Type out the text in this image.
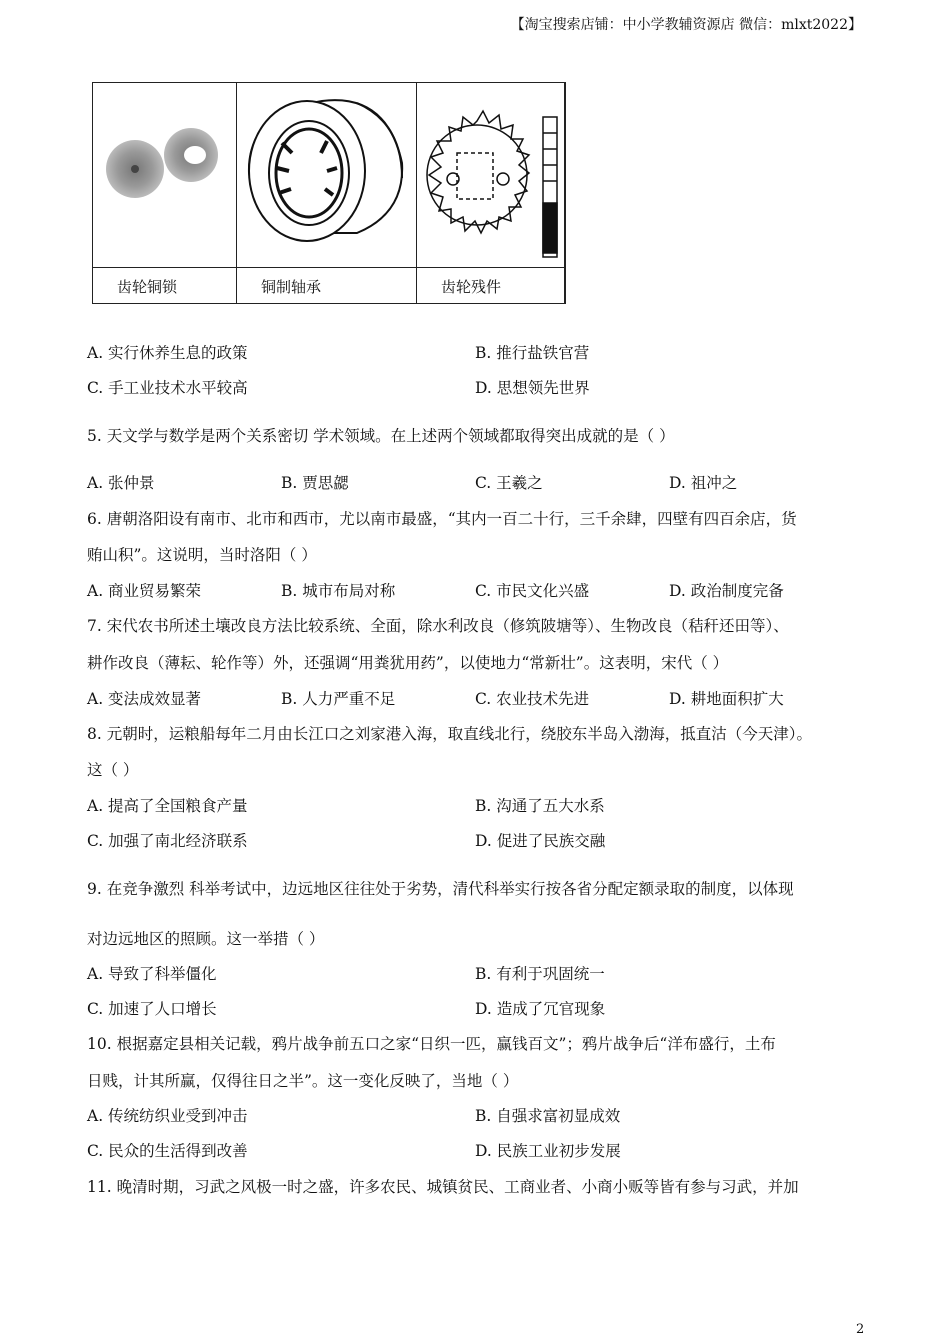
【淘宝搜索店铺：中小学教辅资源店 微信：mlxt2022】
齿轮铜锁	铜制轴承	齿轮残件
A. 实行休养生息的政策	B. 推行盐铁官营
C. 手工业技术水平较高	D. 思想领先世界
5. 天文学与数学是两个关系密切 学术领域。在上述两个领域都取得突出成就的是（ ）
A. 张仲景	B. 贾思勰	C. 王羲之	D. 祖冲之
6. 唐朝洛阳设有南市、北市和西市，尤以南市最盛，“其内一百二十行，三千余肆，四壁有四百余店，货
贿山积”。这说明，当时洛阳（ ）
A. 商业贸易繁荣	B. 城市布局对称	C. 市民文化兴盛	D. 政治制度完备
7. 宋代农书所述土壤改良方法比较系统、全面，除水利改良（修筑陂塘等）、生物改良（秸秆还田等）、
耕作改良（薄耘、轮作等）外，还强调“用粪犹用药”，以使地力“常新壮”。这表明，宋代（ ）
A. 变法成效显著	B. 人力严重不足	C. 农业技术先进	D. 耕地面积扩大
8. 元朝时，运粮船每年二月由长江口之刘家港入海，取直线北行，绕胶东半岛入渤海，抵直沽（今天津）。
这（ ）
A. 提高了全国粮食产量	B. 沟通了五大水系
C. 加强了南北经济联系	D. 促进了民族交融
9. 在竞争激烈 科举考试中，边远地区往往处于劣势，清代科举实行按各省分配定额录取的制度，以体现
对边远地区的照顾。这一举措（ ）
A. 导致了科举僵化	B. 有利于巩固统一
C. 加速了人口增长	D. 造成了冗官现象
10. 根据嘉定县相关记载，鸦片战争前五口之家“日织一匹，赢钱百文”；鸦片战争后“洋布盛行，土布
日贱，计其所赢，仅得往日之半”。这一变化反映了，当地（ ）
A. 传统纺织业受到冲击	B. 自强求富初显成效
C. 民众的生活得到改善	D. 民族工业初步发展
11. 晚清时期，习武之风极一时之盛，许多农民、城镇贫民、工商业者、小商小贩等皆有参与习武，并加
2
